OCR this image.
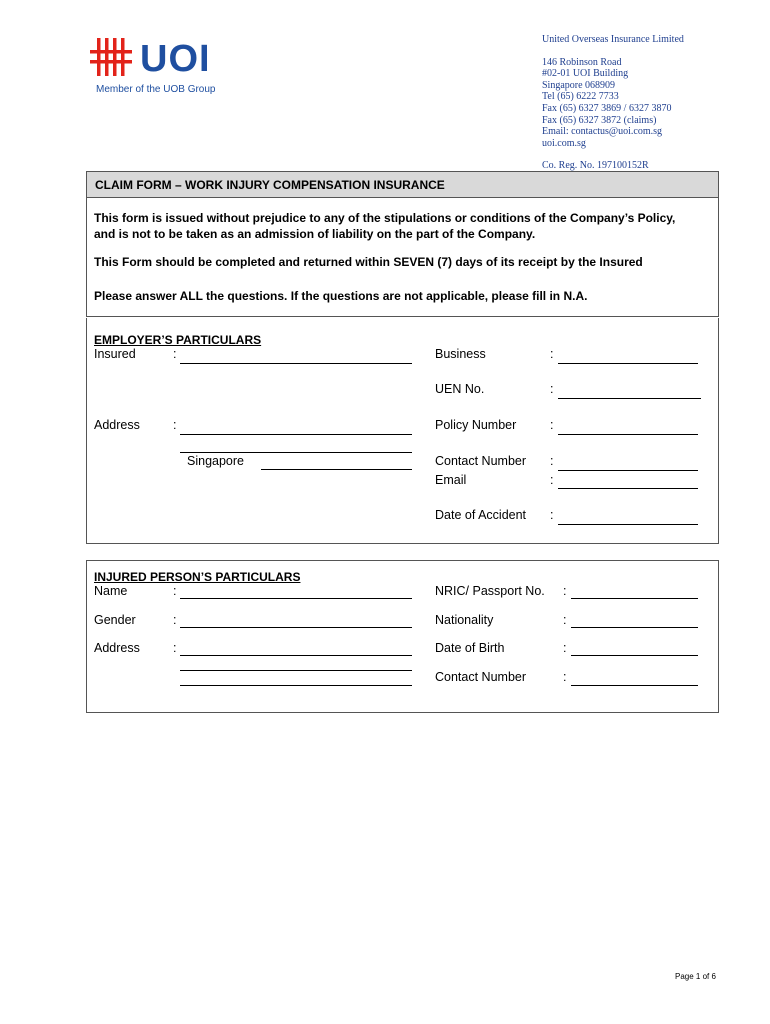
UOI
Member of the UOB Group
United Overseas Insurance Limited
146 Robinson Road
#02-01 UOI Building
Singapore 068909
Tel (65) 6222 7733
Fax (65) 6327 3869 / 6327 3870
Fax (65) 6327 3872 (claims)
Email: contactus@uoi.com.sg
uoi.com.sg
Co. Reg. No. 197100152R
CLAIM FORM – WORK INJURY COMPENSATION INSURANCE
This form is issued without prejudice to any of the stipulations or conditions of the Company’s Policy,
and is not to be taken as an admission of liability on the part of the Company.
This Form should be completed and returned within SEVEN (7) days of its receipt by the Insured
Please answer ALL the questions. If the questions are not applicable, please fill in N.A.
EMPLOYER’S PARTICULARS
Insured	:	Business	:
UEN No.	:
Address	:
Singapore
Policy Number	:
Contact Number :
Email	:
Date of Accident :
INJURED PERSON’S PARTICULARS
Name	:	NRIC/ Passport No. :
Gender	:	Nationality	:
Address	:	Date of Birth	:
Contact Number	:
Page 1 of 6
